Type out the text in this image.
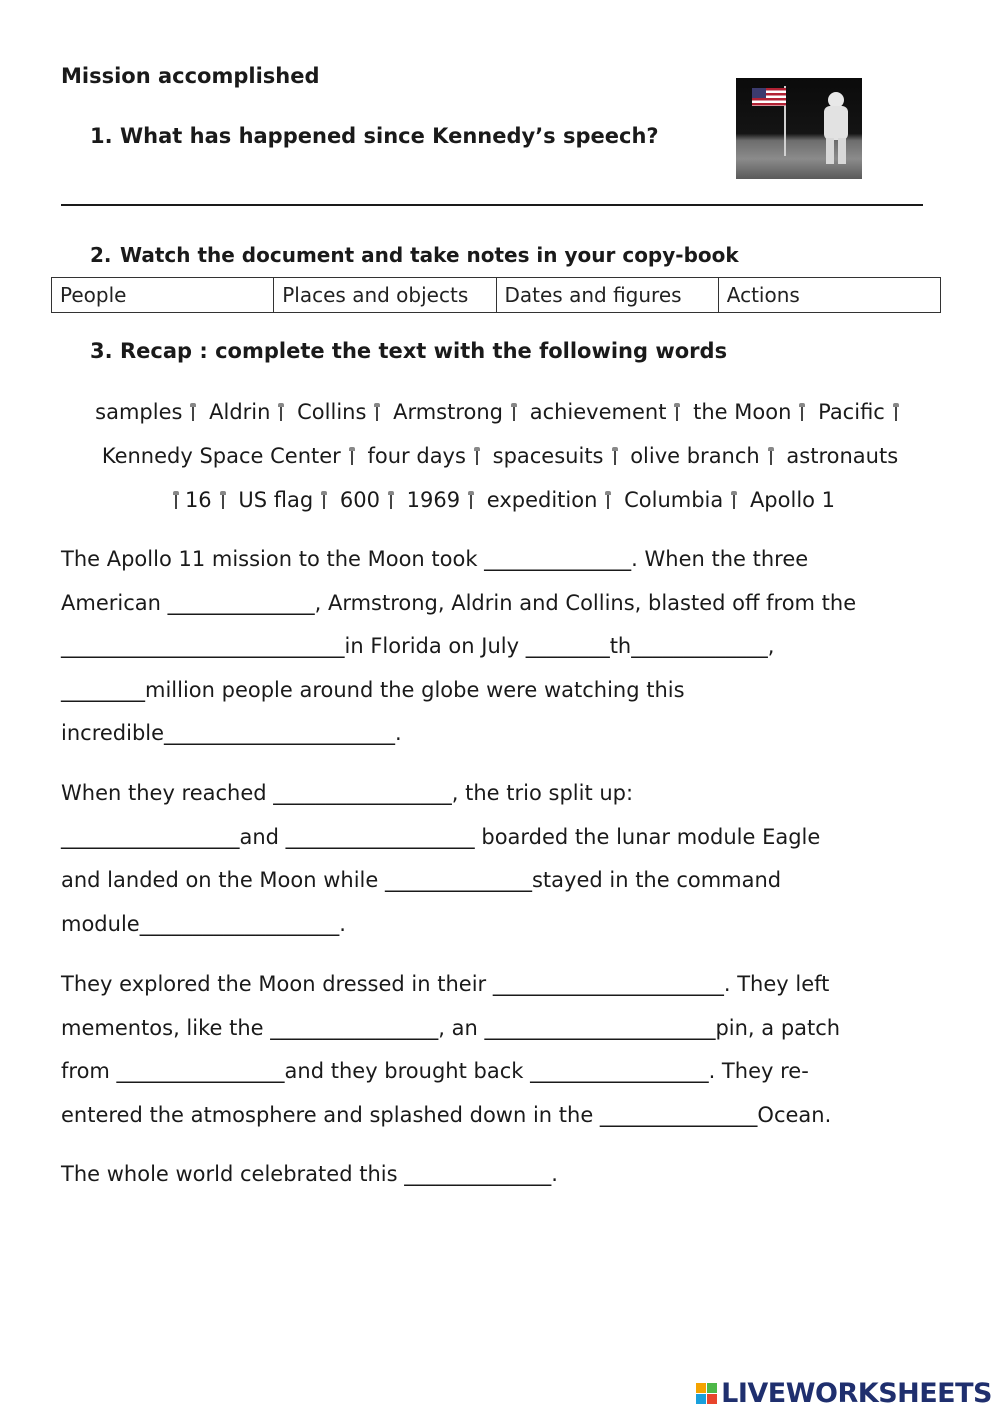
Mission accomplished
1. What has happened since Kennedy’s speech?
2. Watch the document and take notes in your copy-book
People	Places and objects	Dates and figures	Actions
3. Recap : complete the text with the following words
samples Aldrin Collins Armstrong achievement the Moon Pacific
Kennedy Space Center four days spacesuits olive branch astronauts
16 US flag 600 1969 expedition Columbia Apollo 1

The Apollo 11 mission to the Moon took ______________. When the three

American ______________, Armstrong, Aldrin and Collins, blasted off from the

___________________________in Florida on July ________th_____________,

________million people around the globe were watching this

incredible______________________.

When they reached _________________, the trio split up:

_________________and __________________ boarded the lunar module Eagle

and landed on the Moon while ______________stayed in the command

module___________________.

They explored the Moon dressed in their ______________________. They left

mementos, like the ________________, an ______________________pin, a patch

from ________________and they brought back _________________. They re-

entered the atmosphere and splashed down in the _______________Ocean.

The whole world celebrated this ______________.

LIVEWORKSHEETS
